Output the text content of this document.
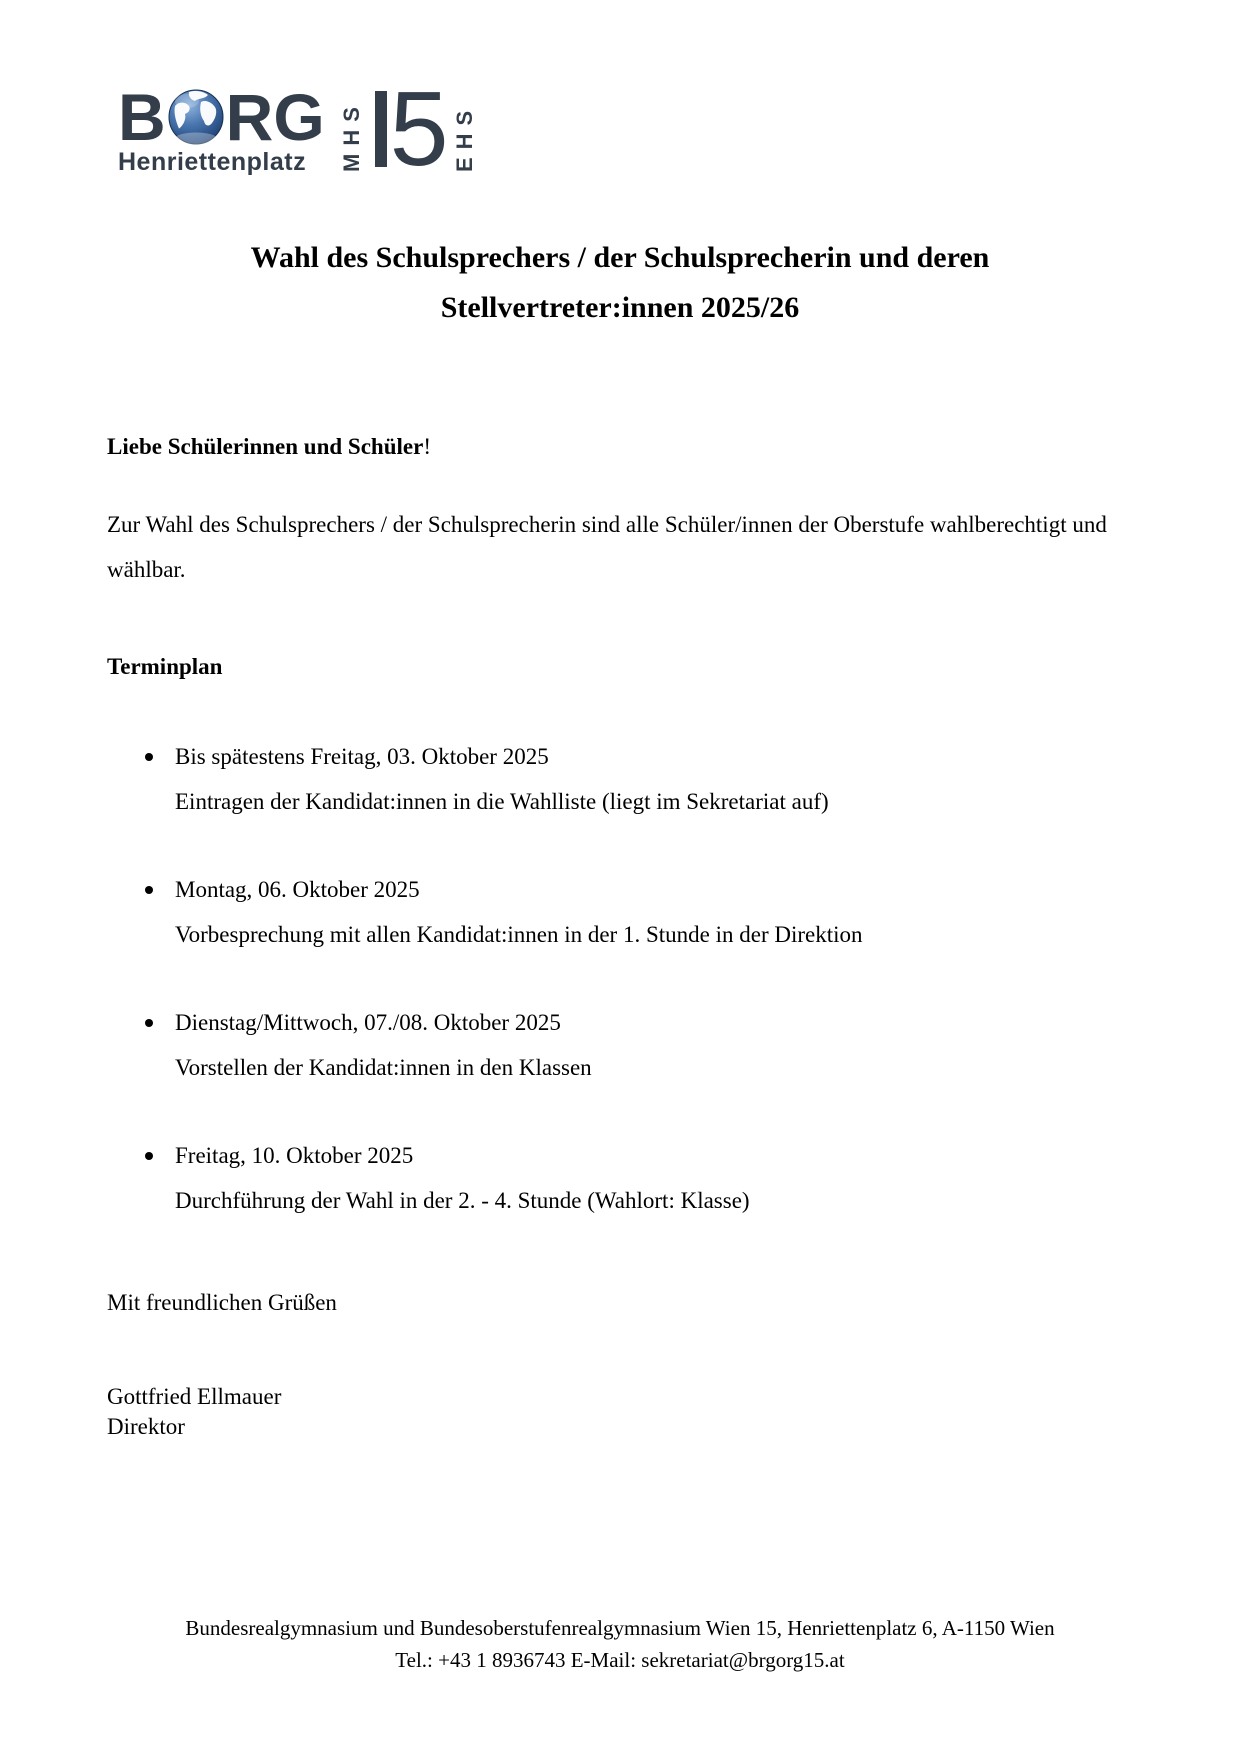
B RG
Henriettenplatz	MHS 5 EHS
Wahl des Schulsprechers / der Schulsprecherin und deren
Stellvertreter:innen 2025/26
Liebe Schülerinnen und Schüler!

Zur Wahl des Schulsprechers / der Schulsprecherin sind alle Schüler/innen der Oberstufe wahlberechtigt und wählbar.

Terminplan
Bis spätestens Freitag, 03. Oktober 2025
Eintragen der Kandidat:innen in die Wahlliste (liegt im Sekretariat auf)
Montag, 06. Oktober 2025
Vorbesprechung mit allen Kandidat:innen in der 1. Stunde in der Direktion
Dienstag/Mittwoch, 07./08. Oktober 2025
Vorstellen der Kandidat:innen in den Klassen
Freitag, 10. Oktober 2025
Durchführung der Wahl in der 2. - 4. Stunde (Wahlort: Klasse)
Mit freundlichen Grüßen
Gottfried Ellmauer
Direktor
Bundesrealgymnasium und Bundesoberstufenrealgymnasium Wien 15, Henriettenplatz 6, A-1150 Wien
Tel.: +43 1 8936743 E-Mail: sekretariat@brgorg15.at
